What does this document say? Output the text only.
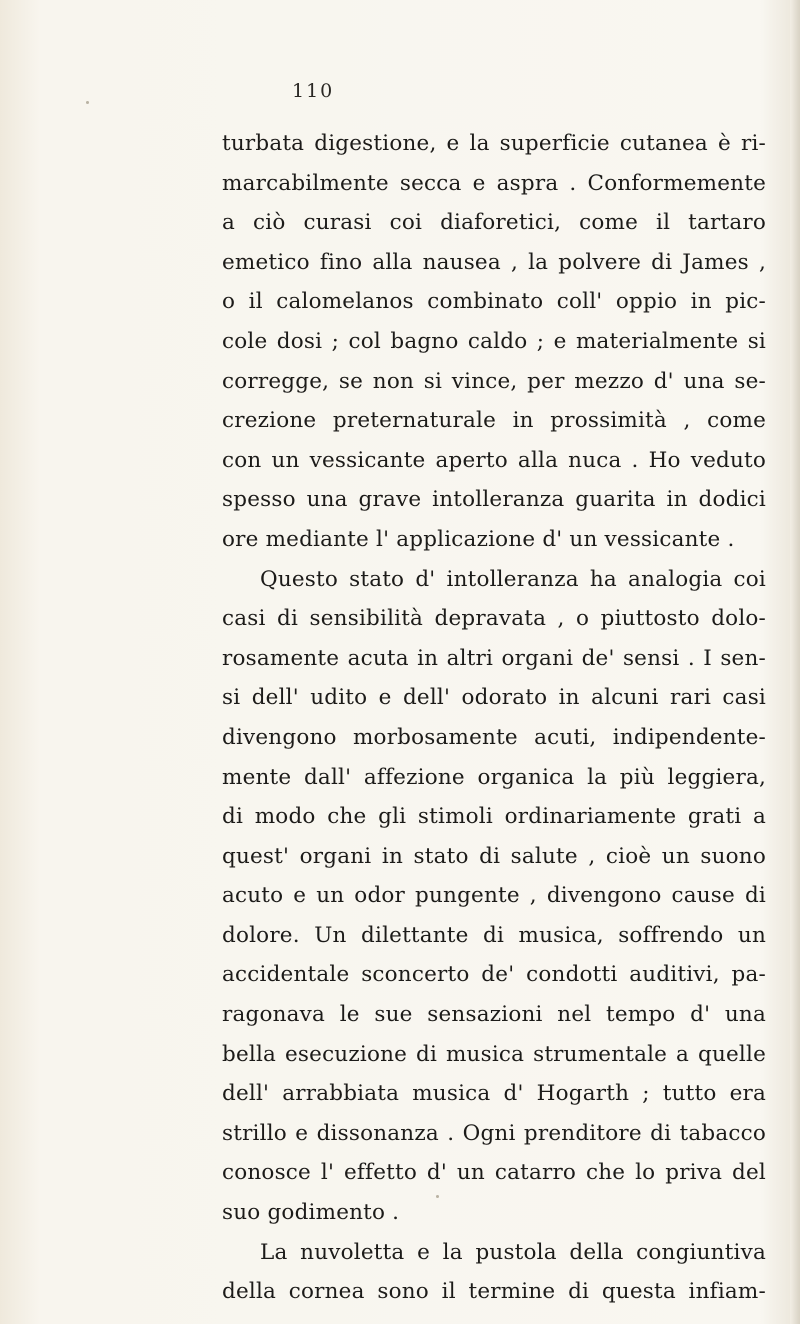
110
turbata digestione, e la superficie cutanea è ri-
marcabilmente secca e aspra . Conformemente
a ciò curasi coi diaforetici, come il tartaro
emetico fino alla nausea , la polvere di James ,
o il calomelanos combinato coll' oppio in pic-
cole dosi ; col bagno caldo ; e materialmente si
corregge, se non si vince, per mezzo d' una se-
crezione preternaturale in prossimità , come
con un vessicante aperto alla nuca . Ho veduto
spesso una grave intolleranza guarita in dodici
ore mediante l' applicazione d' un vessicante .
Questo stato d' intolleranza ha analogia coi
casi di sensibilità depravata , o piuttosto dolo-
rosamente acuta in altri organi de' sensi . I sen-
si dell' udito e dell' odorato in alcuni rari casi
divengono morbosamente acuti, indipendente-
mente dall' affezione organica la più leggiera,
di modo che gli stimoli ordinariamente grati a
quest' organi in stato di salute , cioè un suono
acuto e un odor pungente , divengono cause di
dolore. Un dilettante di musica, soffrendo un
accidentale sconcerto de' condotti auditivi, pa-
ragonava le sue sensazioni nel tempo d' una
bella esecuzione di musica strumentale a quelle
dell' arrabbiata musica d' Hogarth ; tutto era
strillo e dissonanza . Ogni prenditore di tabacco
conosce l' effetto d' un catarro che lo priva del
suo godimento .
La nuvoletta e la pustola della congiuntiva
della cornea sono il termine di questa infiam-
